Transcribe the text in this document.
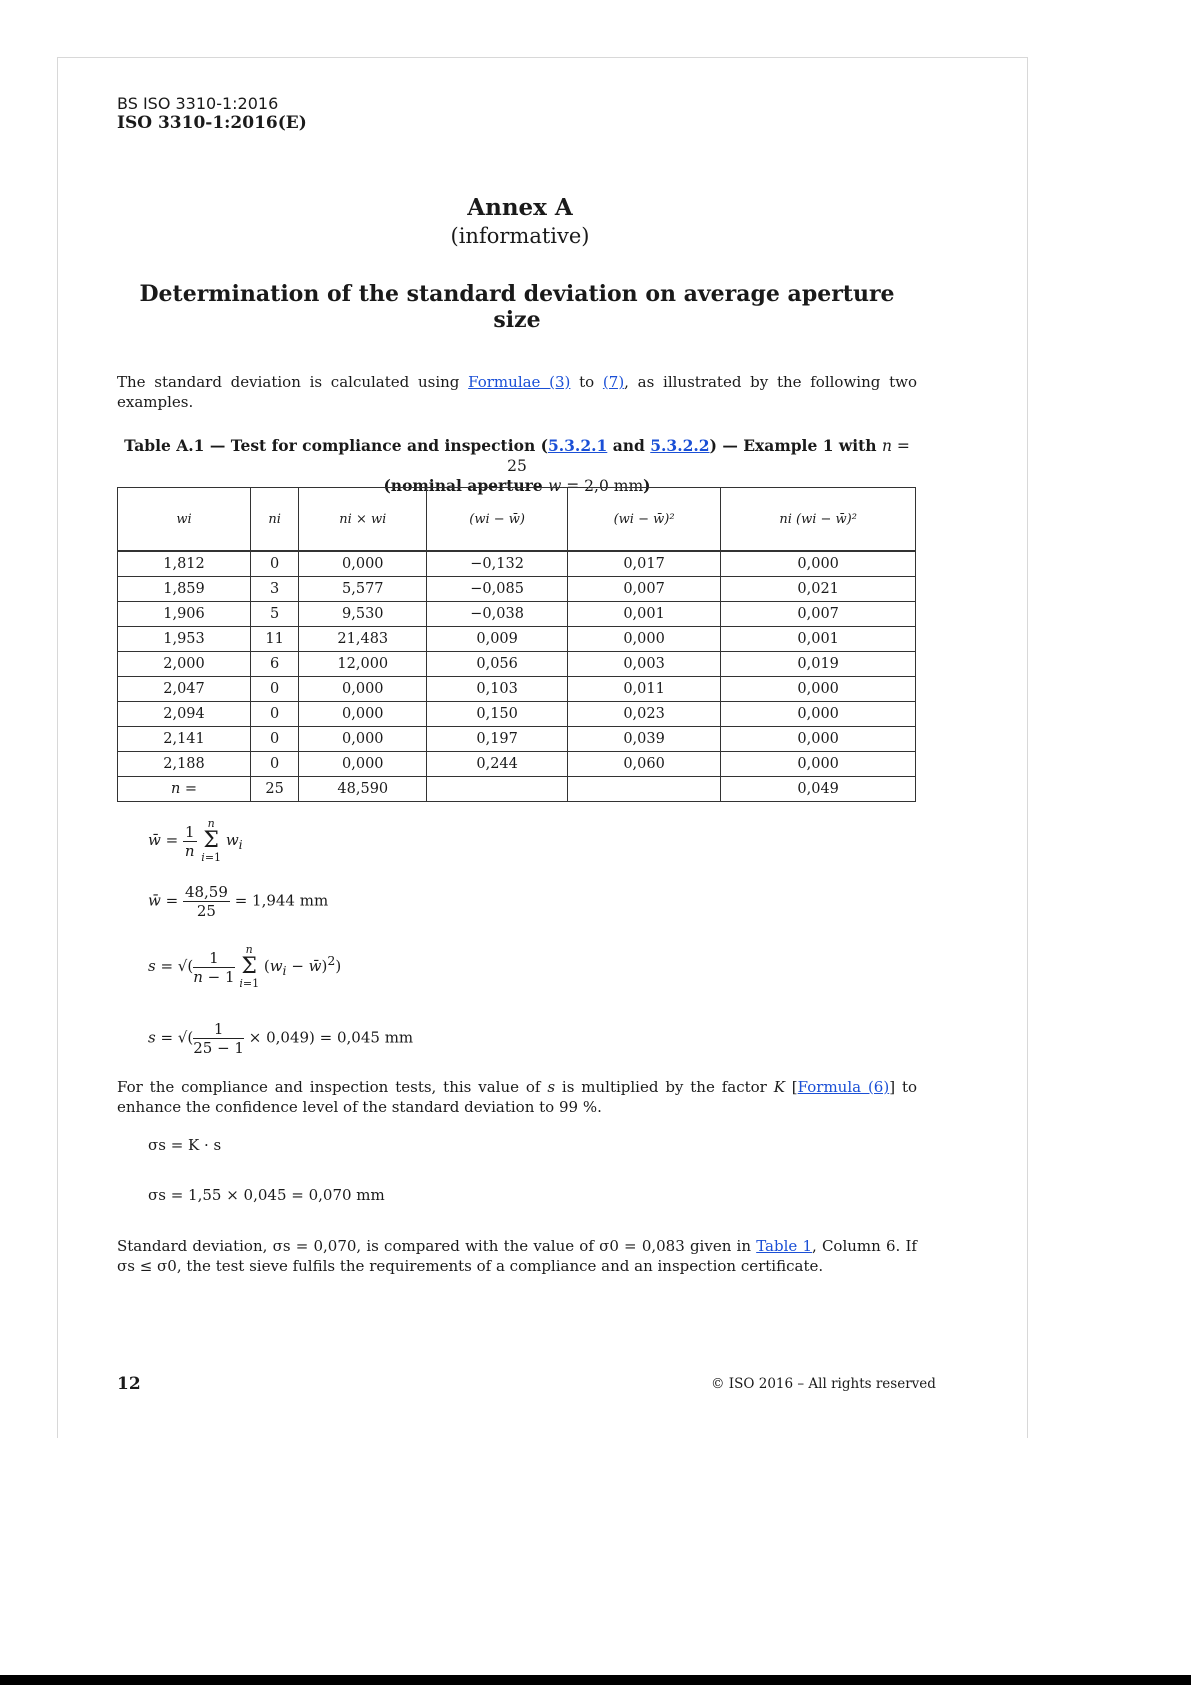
BS ISO 3310-1:2016
ISO 3310-1:2016(E)
Annex A
(informative)
Determination of the standard deviation on average aperture size
The standard deviation is calculated using Formulae (3) to (7), as illustrated by the following two examples.
Table A.1 — Test for compliance and inspection (5.3.2.1 and 5.3.2.2) — Example 1 with n = 25
(nominal aperture w = 2,0 mm)
wi	ni	ni × wi	(wi − w̄)	(wi − w̄)²	ni (wi − w̄)²
1,812	0	0,000	−0,132	0,017	0,000
1,859	3	5,577	−0,085	0,007	0,021
1,906	5	9,530	−0,038	0,001	0,007
1,953	11	21,483	0,009	0,000	0,001
2,000	6	12,000	0,056	0,003	0,019
2,047	0	0,000	0,103	0,011	0,000
2,094	0	0,000	0,150	0,023	0,000
2,141	0	0,000	0,197	0,039	0,000
2,188	0	0,000	0,244	0,060	0,000
n =	25	48,590			0,049
w̄ = $\frac{1}{n}$ n
Σ
i=1 $w_i$
w̄ = $\frac{48,59}{25} = 1,944$ mm
s = √( $\frac{1}{n - 1}$ n
Σ
i=1 ($w_i$ − w̄)$^2$)
s = √( $\frac{1}{25 - 1} \times 0,049) = 0,045$ mm
For the compliance and inspection tests, this value of s is multiplied by the factor K [Formula (6)] to enhance the confidence level of the standard deviation to 99 %.
σs = K · s
σs = 1,55 × 0,045 = 0,070 mm
Standard deviation, σs = 0,070, is compared with the value of σ0 = 0,083 given in Table 1, Column 6. If σs ≤ σ0, the test sieve fulfils the requirements of a compliance and an inspection certificate.
12	© ISO 2016 – All rights reserved
